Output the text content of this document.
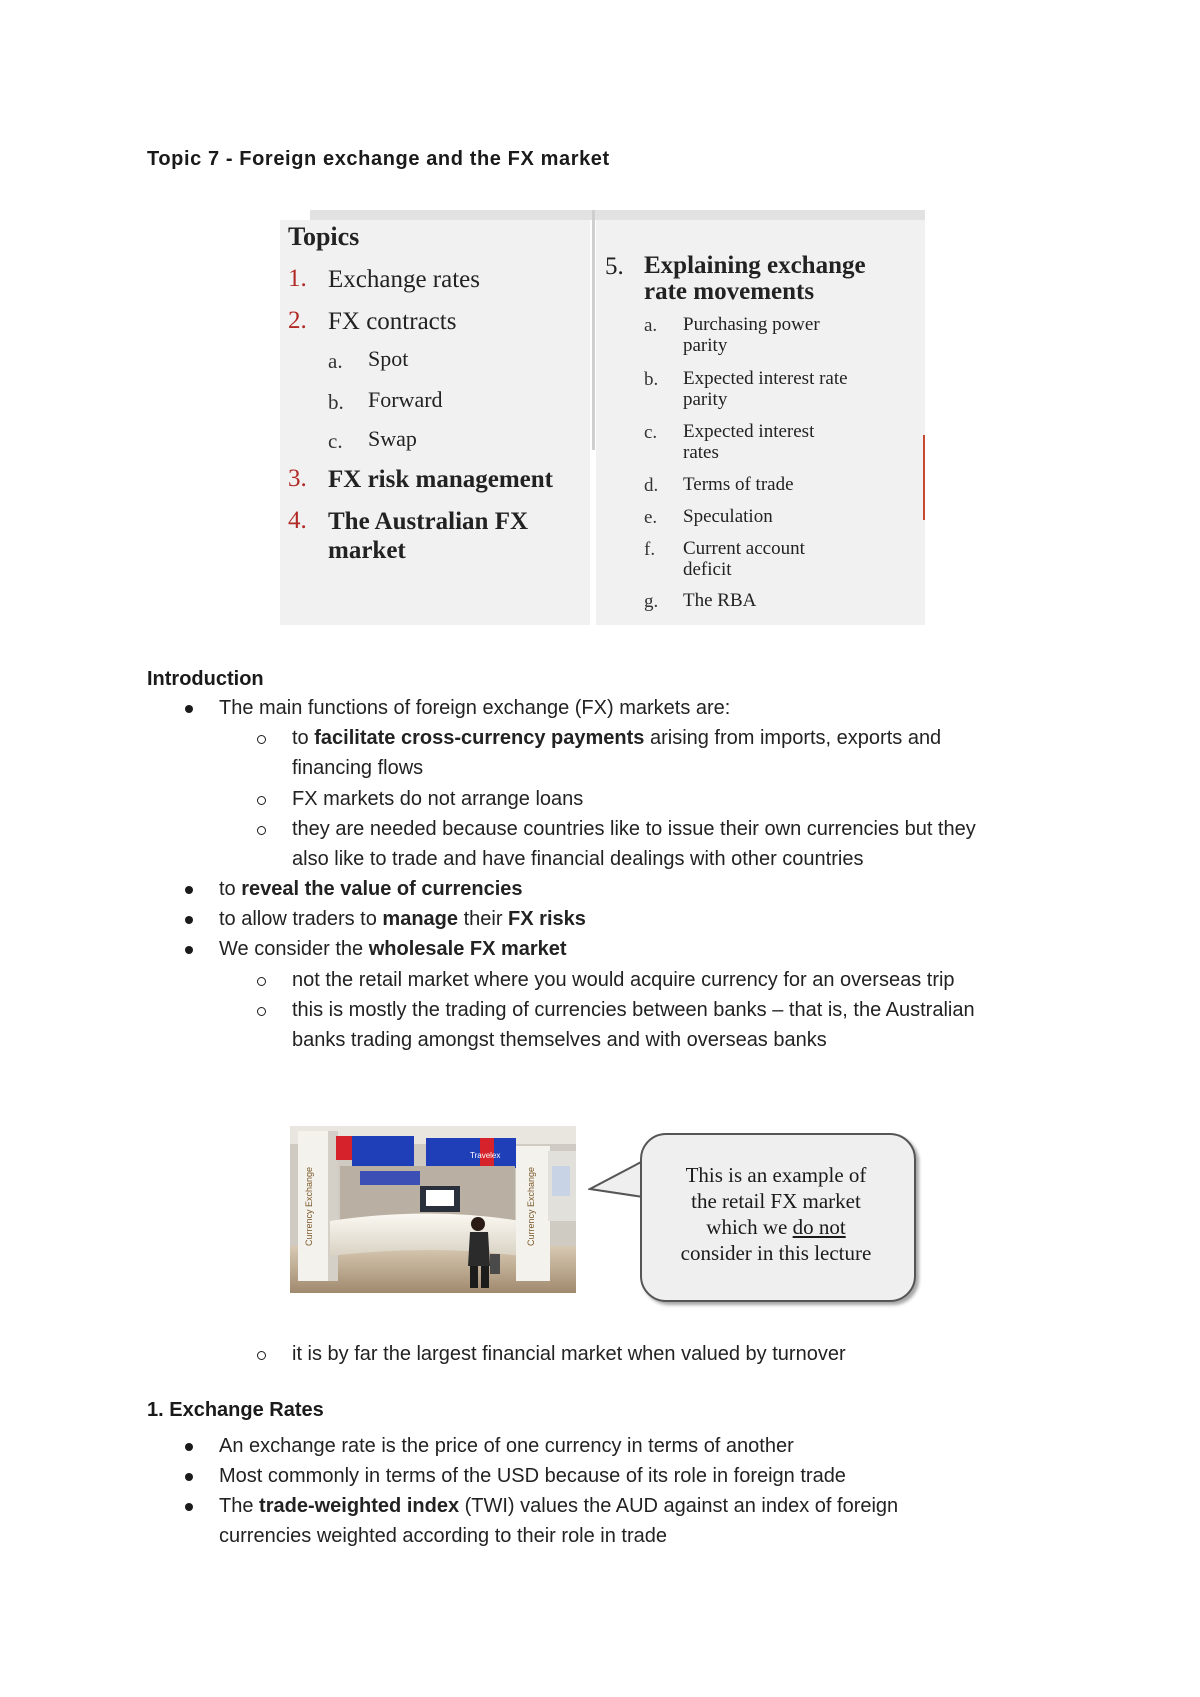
Topic 7 - Foreign exchange and the FX market
Topics
1. Exchange rates
2. FX contracts
a. Spot
b. Forward
c. Swap
3. FX risk management
4. The Australian FX
market
5. Explaining exchange
rate movements
a. Purchasing power
parity
b. Expected interest rate
parity
c. Expected interest
rates
d. Terms of trade
e. Speculation
f. Current account
deficit
g. The RBA
Introduction
The main functions of foreign exchange (FX) markets are:
to facilitate cross-currency payments arising from imports, exports and
financing flows
FX markets do not arrange loans
they are needed because countries like to issue their own currencies but they
also like to trade and have financial dealings with other countries
to reveal the value of currencies
to allow traders to manage their FX risks
We consider the wholesale FX market
not the retail market where you would acquire currency for an overseas trip
this is mostly the trading of currencies between banks – that is, the Australian
banks trading amongst themselves and with overseas banks
Currency Exchange
Travelex
Currency Exchange	This is an example of
the retail FX market
which we do not
consider in this lecture
it is by far the largest financial market when valued by turnover
1. Exchange Rates
An exchange rate is the price of one currency in terms of another
Most commonly in terms of the USD because of its role in foreign trade
The trade-weighted index (TWI) values the AUD against an index of foreign
currencies weighted according to their role in trade
